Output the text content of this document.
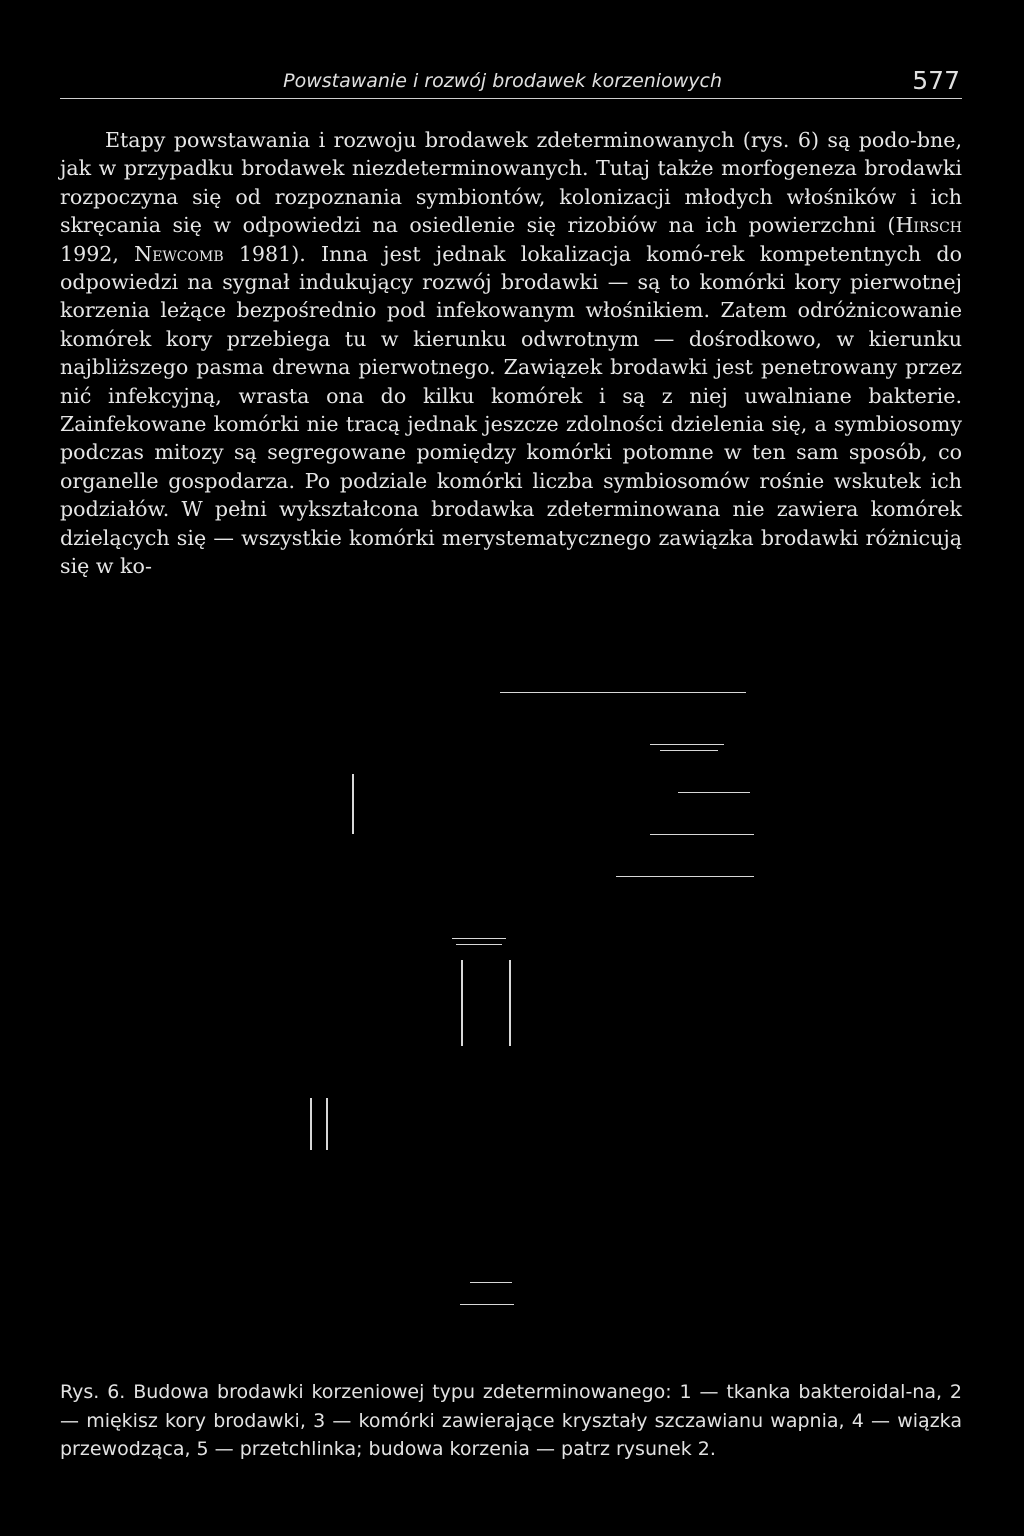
Powstawanie i rozwój brodawek korzeniowych	577

Etapy powstawania i rozwoju brodawek zdeterminowanych (rys. 6) są podo-bne, jak w przypadku brodawek niezdeterminowanych. Tutaj także morfogeneza brodawki rozpoczyna się od rozpoznania symbiontów, kolonizacji młodych włośników i ich skręcania się w odpowiedzi na osiedlenie się rizobiów na ich powierzchni (Hirsch 1992, Newcomb 1981). Inna jest jednak lokalizacja komó-rek kompetentnych do odpowiedzi na sygnał indukujący rozwój brodawki — są to komórki kory pierwotnej korzenia leżące bezpośrednio pod infekowanym włośnikiem. Zatem odróżnicowanie komórek kory przebiega tu w kierunku odwrotnym — dośrodkowo, w kierunku najbliższego pasma drewna pierwotnego. Zawiązek brodawki jest penetrowany przez nić infekcyjną, wrasta ona do kilku komórek i są z niej uwalniane bakterie. Zainfekowane komórki nie tracą jednak jeszcze zdolności dzielenia się, a symbiosomy podczas mitozy są segregowane pomiędzy komórki potomne w ten sam sposób, co organelle gospodarza. Po podziale komórki liczba symbiosomów rośnie wskutek ich podziałów. W pełni wykształcona brodawka zdeterminowana nie zawiera komórek dzielących się — wszystkie komórki merystematycznego zawiązka brodawki różnicują się w ko-

Rys. 6. Budowa brodawki korzeniowej typu zdeterminowanego: 1 — tkanka bakteroidal-na, 2 — miękisz kory brodawki, 3 — komórki zawierające kryształy szczawianu wapnia, 4 — wiązka przewodząca, 5 — przetchlinka; budowa korzenia — patrz rysunek 2.
